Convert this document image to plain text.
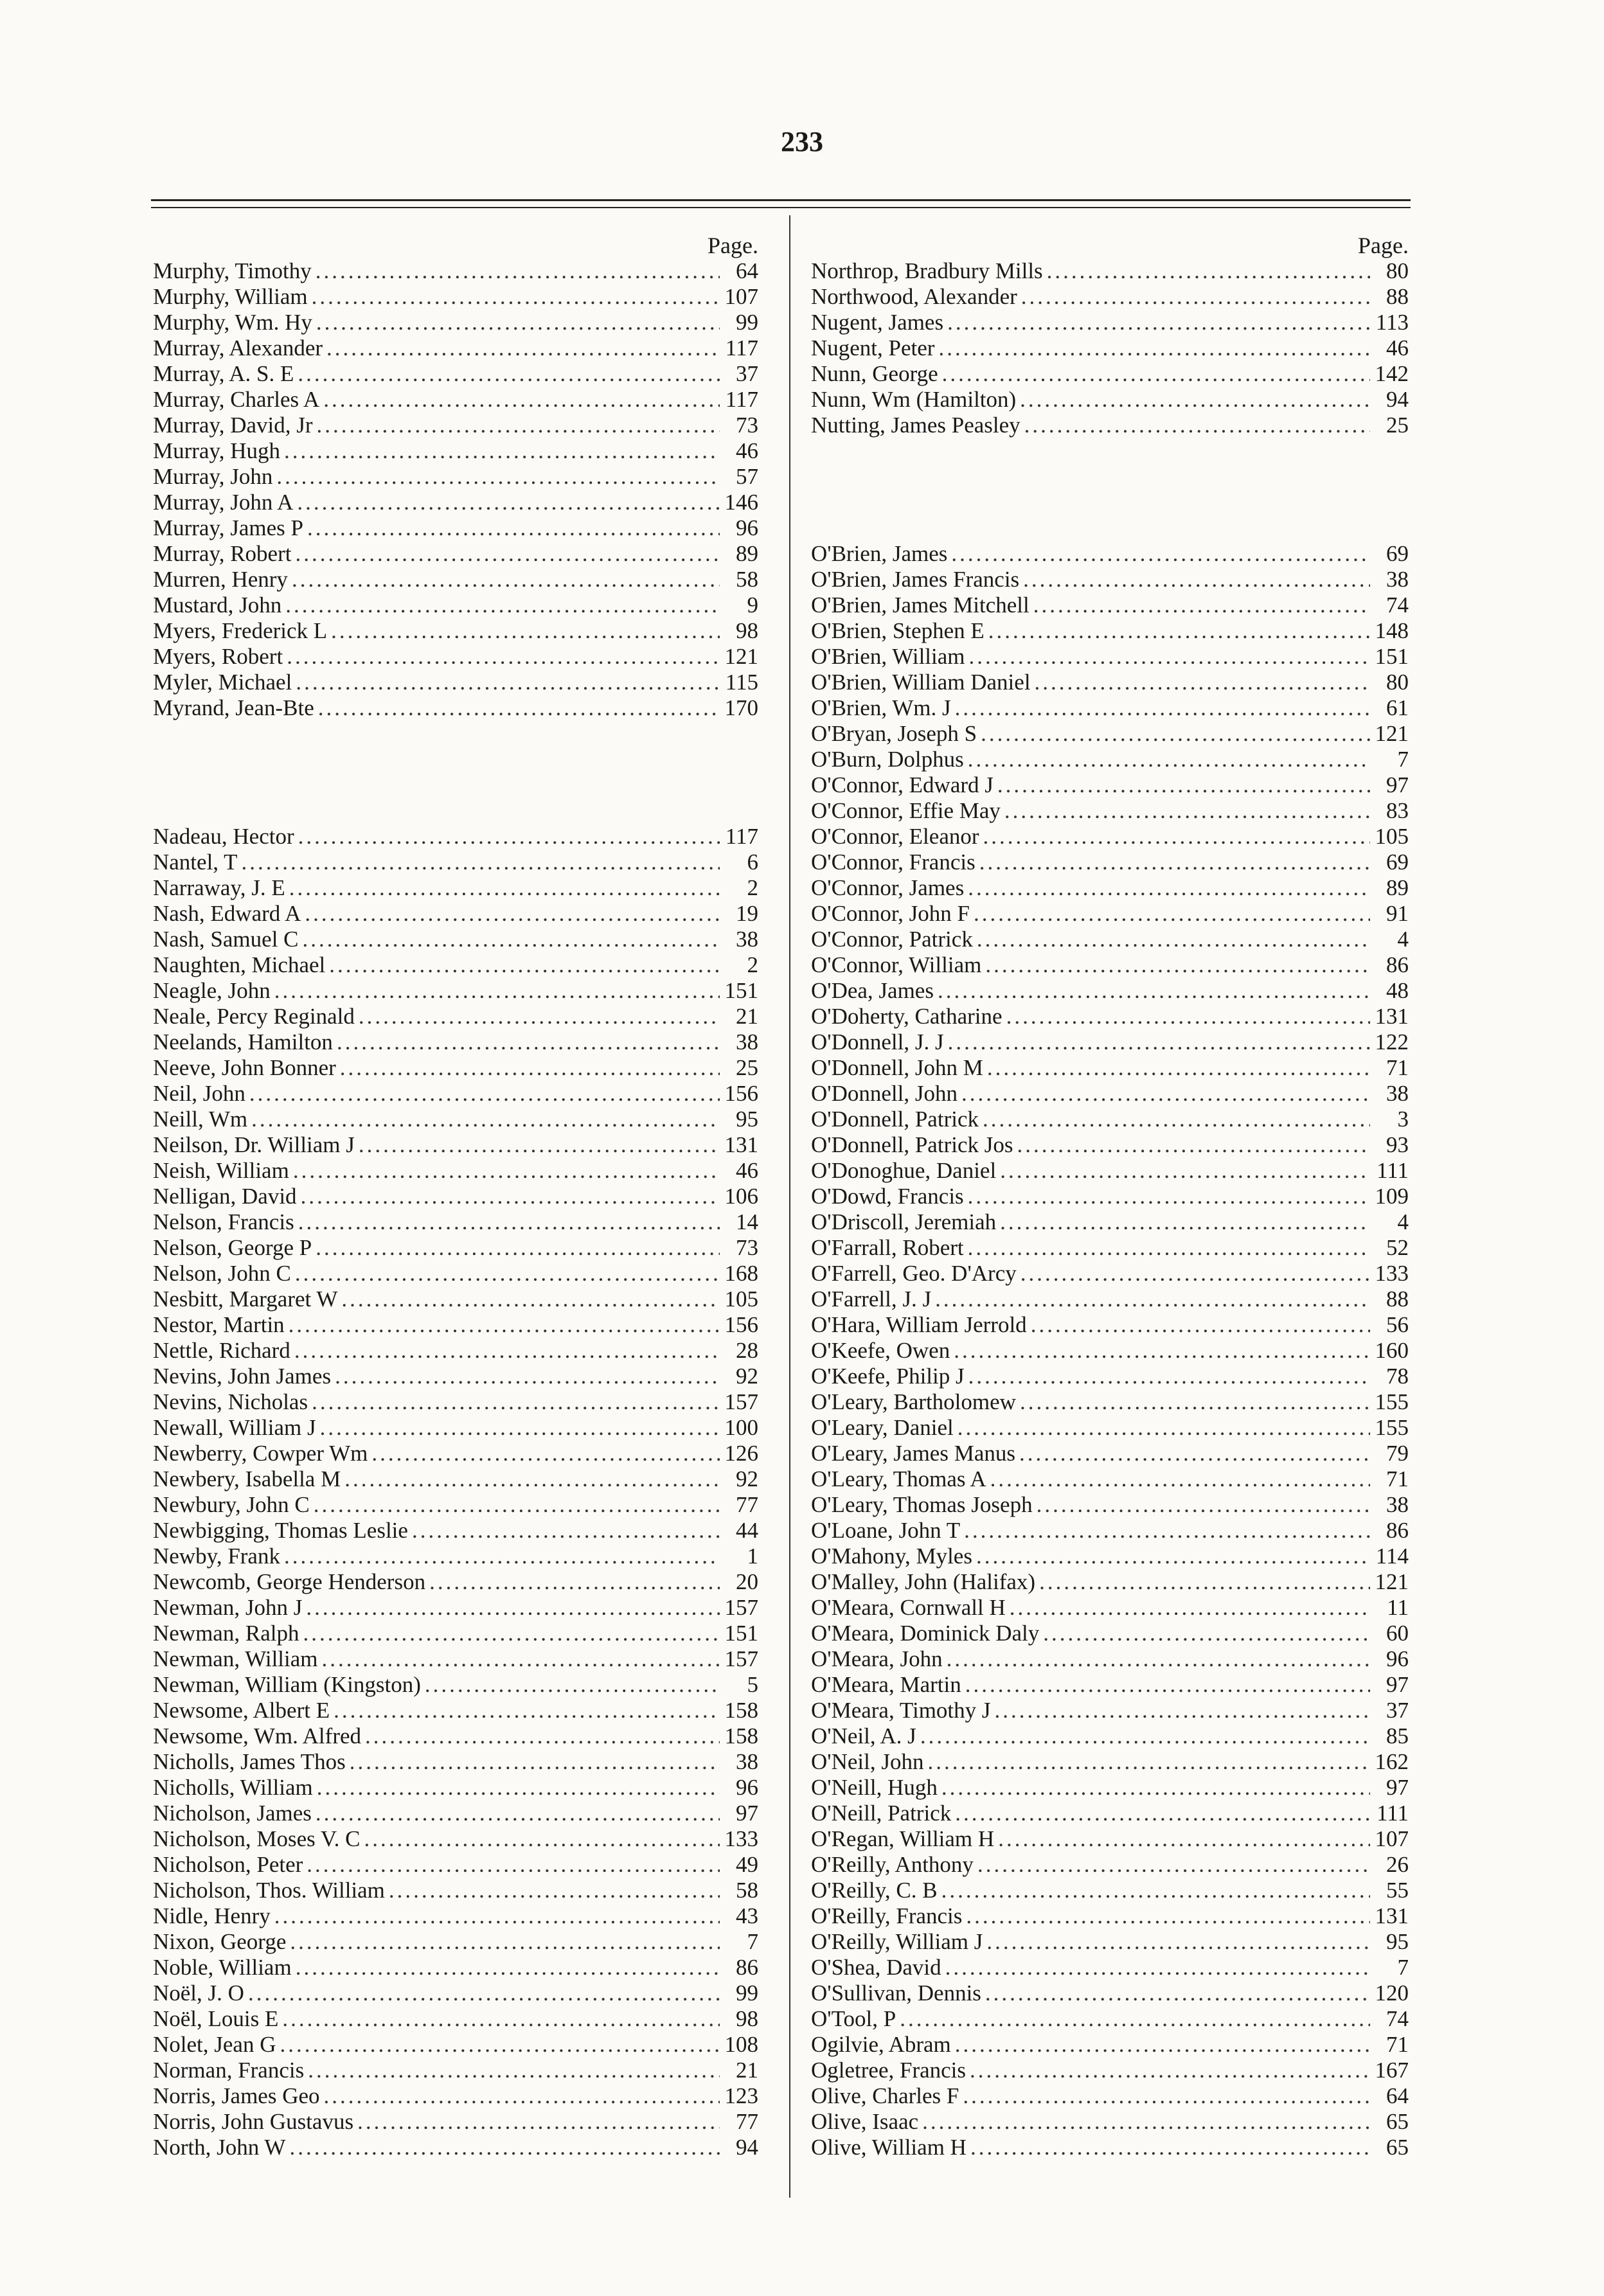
233
Page.
Murphy, Timothy .....	64
Murphy, William .....	107
Murphy, Wm. Hy .....	99
Murray, Alexander .....	117
Murray, A. S. E .....	37
Murray, Charles A .....	117
Murray, David, Jr .....	73
Murray, Hugh .....	46
Murray, John .....	57
Murray, John A .....	146
Murray, James P .....	96
Murray, Robert .....	89
Murren, Henry .....	58
Mustard, John .....	9
Myers, Frederick L .....	98
Myers, Robert .....	121
Myler, Michael .....	115
Myrand, Jean-Bte .....	170
Nadeau, Hector .....	117
Nantel, T .....	6
Narraway, J. E .....	2
Nash, Edward A .....	19
Nash, Samuel C .....	38
Naughten, Michael .....	2
Neagle, John .....	151
Neale, Percy Reginald .....	21
Neelands, Hamilton .....	38
Neeve, John Bonner .....	25
Neil, John .....	156
Neill, Wm .....	95
Neilson, Dr. William J .....	131
Neish, William .....	46
Nelligan, David .....	106
Nelson, Francis .....	14
Nelson, George P .....	73
Nelson, John C .....	168
Nesbitt, Margaret W .....	105
Nestor, Martin .....	156
Nettle, Richard .....	28
Nevins, John James .....	92
Nevins, Nicholas .....	157
Newall, William J .....	100
Newberry, Cowper Wm .....	126
Newbery, Isabella M .....	92
Newbury, John C .....	77
Newbigging, Thomas Leslie .....	44
Newby, Frank .....	1
Newcomb, George Henderson .....	20
Newman, John J .....	157
Newman, Ralph .....	151
Newman, William .....	157
Newman, William (Kingston) .....	5
Newsome, Albert E .....	158
Newsome, Wm. Alfred .....	158
Nicholls, James Thos .....	38
Nicholls, William .....	96
Nicholson, James .....	97
Nicholson, Moses V. C .....	133
Nicholson, Peter .....	49
Nicholson, Thos. William .....	58
Nidle, Henry .....	43
Nixon, George .....	7
Noble, William .....	86
Noël, J. O .....	99
Noël, Louis E .....	98
Nolet, Jean G .....	108
Norman, Francis .....	21
Norris, James Geo .....	123
Norris, John Gustavus .....	77
North, John W .....	94
Page.
Northrop, Bradbury Mills .....	80
Northwood, Alexander .....	88
Nugent, James .....	113
Nugent, Peter .....	46
Nunn, George .....	142
Nunn, Wm (Hamilton) .....	94
Nutting, James Peasley .....	25
O'Brien, James .....	69
O'Brien, James Francis .....	38
O'Brien, James Mitchell .....	74
O'Brien, Stephen E .....	148
O'Brien, William .....	151
O'Brien, William Daniel .....	80
O'Brien, Wm. J .....	61
O'Bryan, Joseph S .....	121
O'Burn, Dolphus .....	7
O'Connor, Edward J .....	97
O'Connor, Effie May .....	83
O'Connor, Eleanor .....	105
O'Connor, Francis .....	69
O'Connor, James .....	89
O'Connor, John F .....	91
O'Connor, Patrick .....	4
O'Connor, William .....	86
O'Dea, James .....	48
O'Doherty, Catharine .....	131
O'Donnell, J. J .....	122
O'Donnell, John M .....	71
O'Donnell, John .....	38
O'Donnell, Patrick .....	3
O'Donnell, Patrick Jos .....	93
O'Donoghue, Daniel .....	111
O'Dowd, Francis .....	109
O'Driscoll, Jeremiah .....	4
O'Farrall, Robert .....	52
O'Farrell, Geo. D'Arcy .....	133
O'Farrell, J. J .....	88
O'Hara, William Jerrold .....	56
O'Keefe, Owen .....	160
O'Keefe, Philip J .....	78
O'Leary, Bartholomew .....	155
O'Leary, Daniel .....	155
O'Leary, James Manus .....	79
O'Leary, Thomas A .....	71
O'Leary, Thomas Joseph .....	38
O'Loane, John T .....	86
O'Mahony, Myles .....	114
O'Malley, John (Halifax) .....	121
O'Meara, Cornwall H .....	11
O'Meara, Dominick Daly .....	60
O'Meara, John .....	96
O'Meara, Martin .....	97
O'Meara, Timothy J .....	37
O'Neil, A. J .....	85
O'Neil, John .....	162
O'Neill, Hugh .....	97
O'Neill, Patrick .....	111
O'Regan, William H .....	107
O'Reilly, Anthony .....	26
O'Reilly, C. B .....	55
O'Reilly, Francis .....	131
O'Reilly, William J .....	95
O'Shea, David .....	7
O'Sullivan, Dennis .....	120
O'Tool, P .....	74
Ogilvie, Abram .....	71
Ogletree, Francis .....	167
Olive, Charles F .....	64
Olive, Isaac .....	65
Olive, William H .....	65
